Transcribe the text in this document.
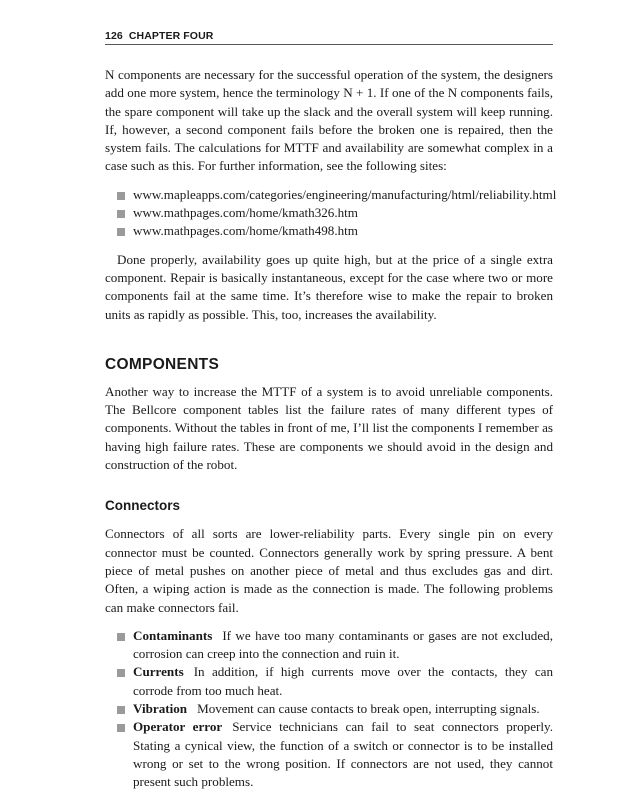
126 CHAPTER FOUR

N components are necessary for the successful operation of the system, the designers add one more system, hence the terminology N + 1. If one of the N components fails, the spare component will take up the slack and the overall system will keep running. If, however, a second component fails before the broken one is repaired, then the system fails. The calculations for MTTF and availability are somewhat complex in a case such as this. For further information, see the following sites:

www.mapleapps.com/categories/engineering/manufacturing/html/reliability.html
www.mathpages.com/home/kmath326.htm
www.mathpages.com/home/kmath498.htm

Done properly, availability goes up quite high, but at the price of a single extra component. Repair is basically instantaneous, except for the case where two or more components fail at the same time. It’s therefore wise to make the repair to broken units as rapidly as possible. This, too, increases the availability.

COMPONENTS

Another way to increase the MTTF of a system is to avoid unreliable components. The Bellcore component tables list the failure rates of many different types of components. Without the tables in front of me, I’ll list the components I remember as having high failure rates. These are components we should avoid in the design and construction of the robot.

Connectors

Connectors of all sorts are lower-reliability parts. Every single pin on every connector must be counted. Connectors generally work by spring pressure. A bent piece of metal pushes on another piece of metal and thus excludes gas and dirt. Often, a wiping action is made as the connection is made. The following problems can make connectors fail.

Contaminants If we have too many contaminants or gases are not excluded, corrosion can creep into the connection and ruin it.
Currents In addition, if high currents move over the contacts, they can corrode from too much heat.
Vibration Movement can cause contacts to break open, interrupting signals.
Operator error Service technicians can fail to seat connectors properly. Stating a cynical view, the function of a switch or connector is to be installed wrong or set to the wrong position. If connectors are not used, they cannot present such problems.
